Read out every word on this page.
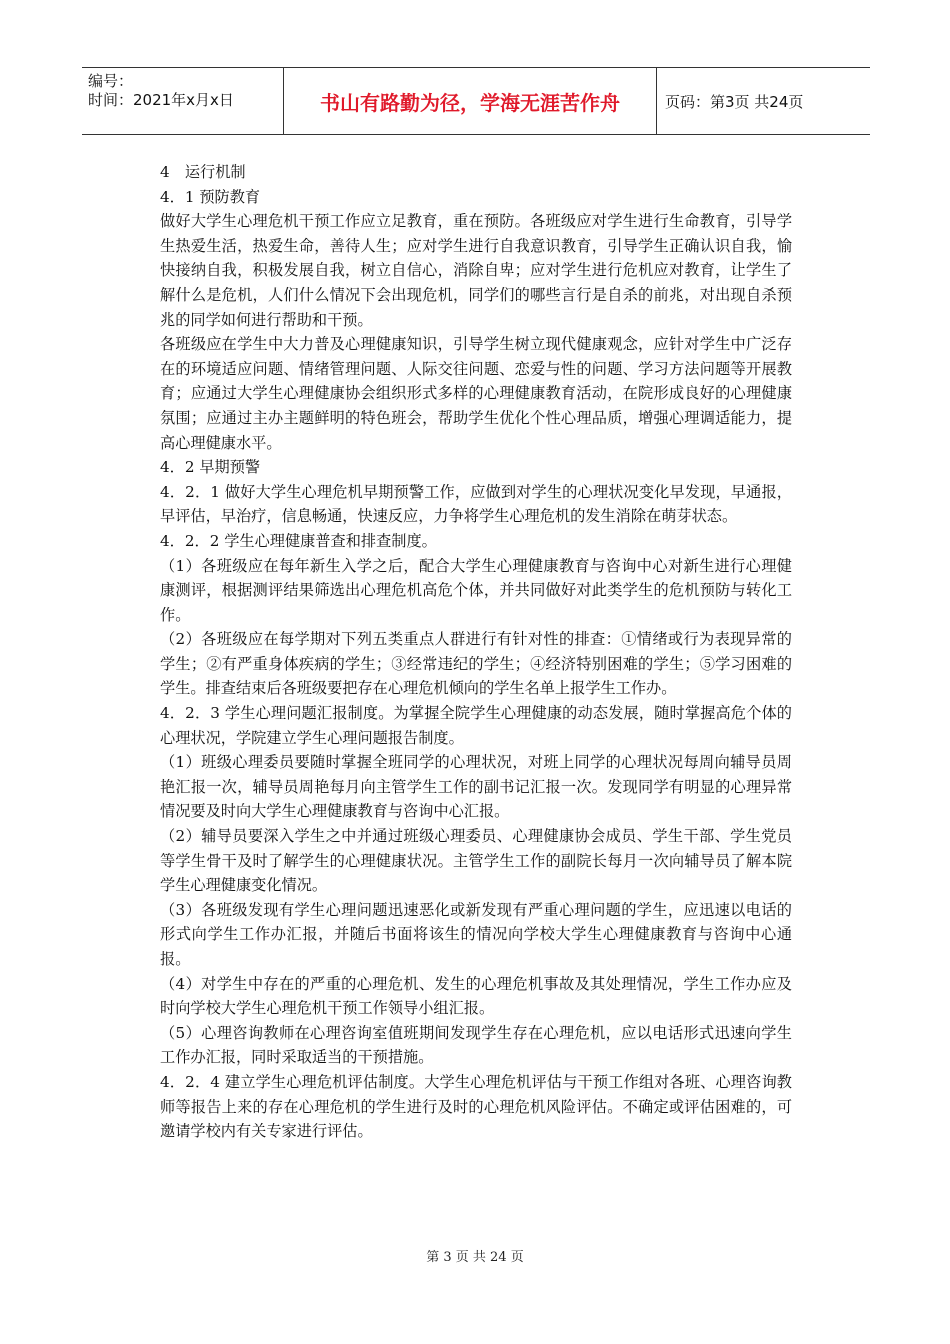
编号：
时间：2021年x月x日	书山有路勤为径，学海无涯苦作舟	页码：第3页 共24页

4　运行机制

4．1 预防教育

做好大学生心理危机干预工作应立足教育，重在预防。各班级应对学生进行生命教育，引导学生热爱生活，热爱生命，善待人生；应对学生进行自我意识教育，引导学生正确认识自我，愉快接纳自我，积极发展自我，树立自信心，消除自卑；应对学生进行危机应对教育，让学生了解什么是危机，人们什么情况下会出现危机，同学们的哪些言行是自杀的前兆，对出现自杀预兆的同学如何进行帮助和干预。

各班级应在学生中大力普及心理健康知识，引导学生树立现代健康观念，应针对学生中广泛存在的环境适应问题、情绪管理问题、人际交往问题、恋爱与性的问题、学习方法问题等开展教育；应通过大学生心理健康协会组织形式多样的心理健康教育活动，在院形成良好的心理健康氛围；应通过主办主题鲜明的特色班会，帮助学生优化个性心理品质，增强心理调适能力，提高心理健康水平。

4．2 早期预警

4．2．1 做好大学生心理危机早期预警工作，应做到对学生的心理状况变化早发现，早通报，早评估，早治疗，信息畅通，快速反应，力争将学生心理危机的发生消除在萌芽状态。

4．2．2 学生心理健康普查和排查制度。

（1）各班级应在每年新生入学之后，配合大学生心理健康教育与咨询中心对新生进行心理健康测评，根据测评结果筛选出心理危机高危个体，并共同做好对此类学生的危机预防与转化工作。

（2）各班级应在每学期对下列五类重点人群进行有针对性的排查：①情绪或行为表现异常的学生；②有严重身体疾病的学生；③经常违纪的学生；④经济特别困难的学生；⑤学习困难的学生。排查结束后各班级要把存在心理危机倾向的学生名单上报学生工作办。

4．2．3 学生心理问题汇报制度。为掌握全院学生心理健康的动态发展，随时掌握高危个体的心理状况，学院建立学生心理问题报告制度。

（1）班级心理委员要随时掌握全班同学的心理状况，对班上同学的心理状况每周向辅导员周艳汇报一次，辅导员周艳每月向主管学生工作的副书记汇报一次。发现同学有明显的心理异常情况要及时向大学生心理健康教育与咨询中心汇报。

（2）辅导员要深入学生之中并通过班级心理委员、心理健康协会成员、学生干部、学生党员等学生骨干及时了解学生的心理健康状况。主管学生工作的副院长每月一次向辅导员了解本院学生心理健康变化情况。

（3）各班级发现有学生心理问题迅速恶化或新发现有严重心理问题的学生，应迅速以电话的形式向学生工作办汇报，并随后书面将该生的情况向学校大学生心理健康教育与咨询中心通报。

（4）对学生中存在的严重的心理危机、发生的心理危机事故及其处理情况，学生工作办应及时向学校大学生心理危机干预工作领导小组汇报。

（5）心理咨询教师在心理咨询室值班期间发现学生存在心理危机，应以电话形式迅速向学生工作办汇报，同时采取适当的干预措施。

4．2．4 建立学生心理危机评估制度。大学生心理危机评估与干预工作组对各班、心理咨询教师等报告上来的存在心理危机的学生进行及时的心理危机风险评估。不确定或评估困难的，可邀请学校内有关专家进行评估。

第 3 页 共 24 页
